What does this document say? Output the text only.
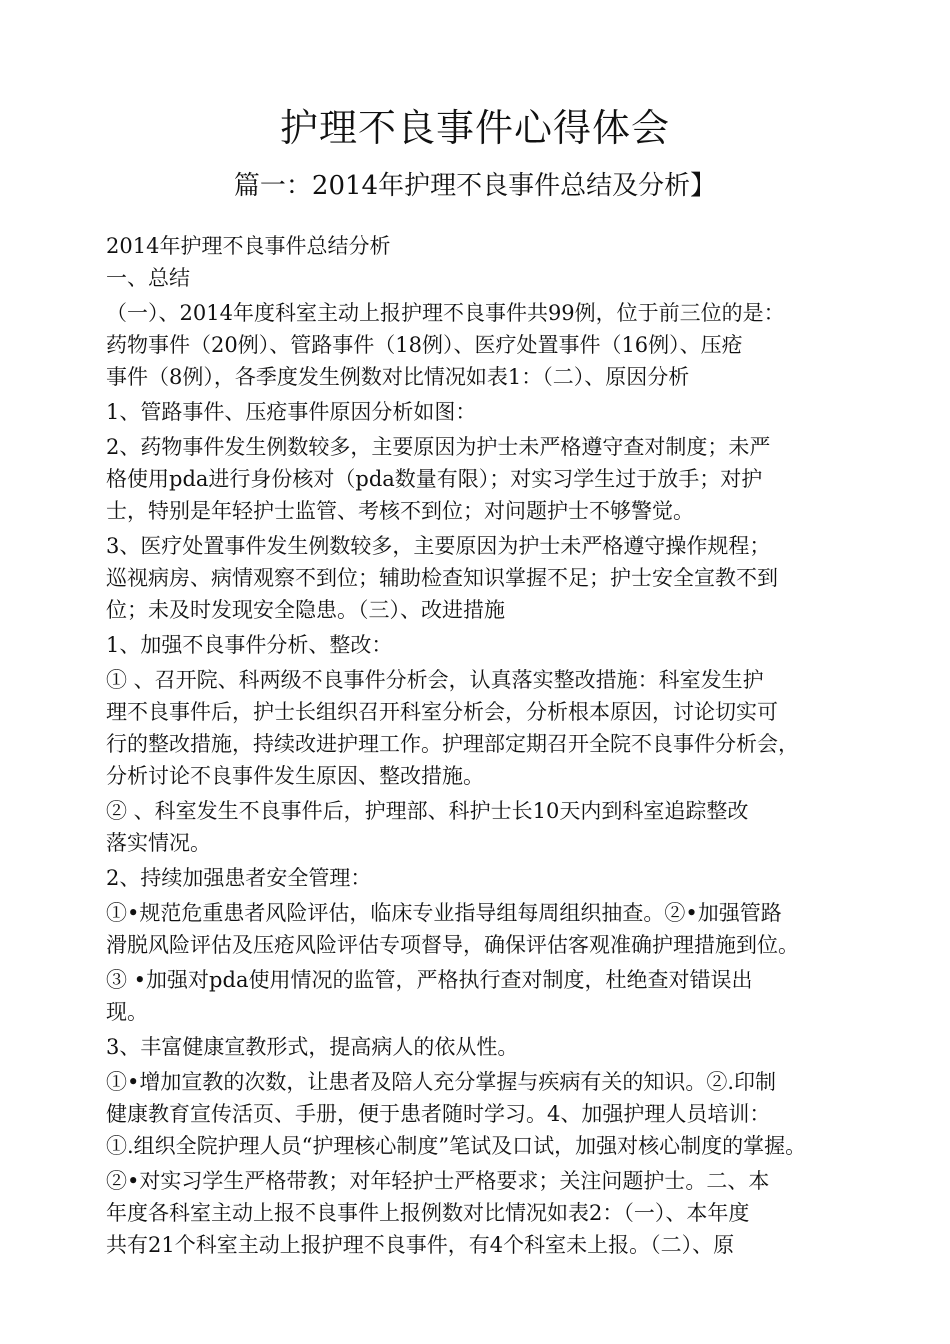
护理不良事件心得体会
篇一：2014年护理不良事件总结及分析】
2014年护理不良事件总结分析
一、总结
（一）、2014年度科室主动上报护理不良事件共99例，位于前三位的是：
药物事件（20例）、管路事件（18例）、医疗处置事件（16例）、压疮
事件（8例），各季度发生例数对比情况如表1：（二）、原因分析
1、管路事件、压疮事件原因分析如图：
2、药物事件发生例数较多，主要原因为护士未严格遵守查对制度；未严
格使用pda进行身份核对（pda数量有限）；对实习学生过于放手；对护
士，特别是年轻护士监管、考核不到位；对问题护士不够警觉。
3、医疗处置事件发生例数较多，主要原因为护士未严格遵守操作规程；
巡视病房、病情观察不到位；辅助检查知识掌握不足；护士安全宣教不到
位；未及时发现安全隐患。（三）、改进措施
1、加强不良事件分析、整改：
① 、召开院、科两级不良事件分析会，认真落实整改措施：科室发生护
理不良事件后，护士长组织召开科室分析会，分析根本原因，讨论切实可
行的整改措施，持续改进护理工作。护理部定期召开全院不良事件分析会，
分析讨论不良事件发生原因、整改措施。
② 、科室发生不良事件后，护理部、科护士长10天内到科室追踪整改
落实情况。
2、持续加强患者安全管理：
①•规范危重患者风险评估，临床专业指导组每周组织抽查。②•加强管路
滑脱风险评估及压疮风险评估专项督导，确保评估客观准确护理措施到位。
③ •加强对pda使用情况的监管，严格执行查对制度，杜绝查对错误出
现。
3、丰富健康宣教形式，提高病人的依从性。
①•增加宣教的次数，让患者及陪人充分掌握与疾病有关的知识。②.印制
健康教育宣传活页、手册，便于患者随时学习。4、加强护理人员培训：
①.组织全院护理人员“护理核心制度”笔试及口试，加强对核心制度的掌握。
②•对实习学生严格带教；对年轻护士严格要求；关注问题护士。二、本
年度各科室主动上报不良事件上报例数对比情况如表2：（一）、本年度
共有21个科室主动上报护理不良事件，有4个科室未上报。（二）、原
